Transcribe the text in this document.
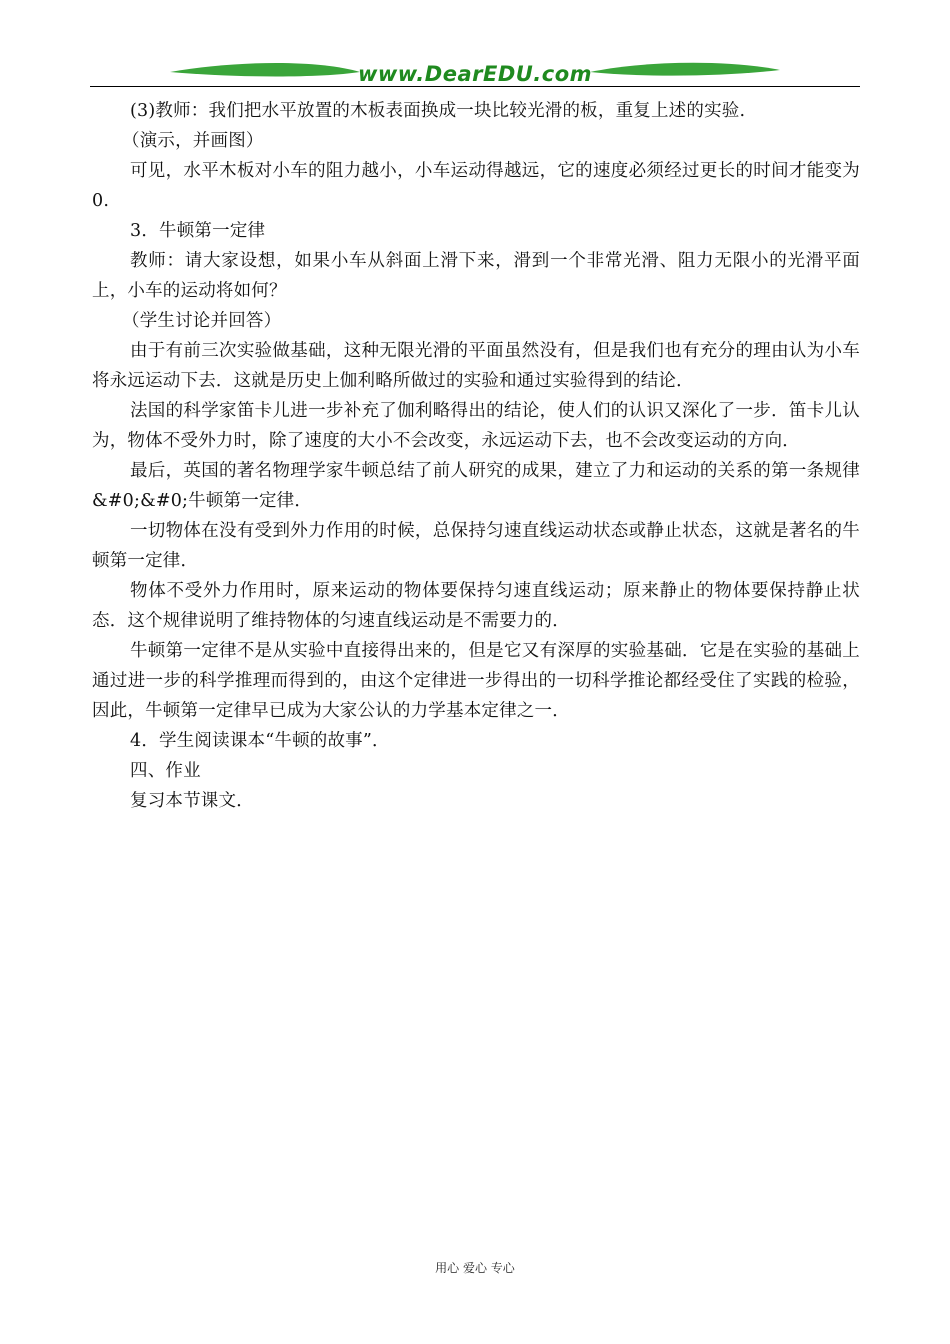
www.DearEDU.com

(3)教师：我们把水平放置的木板表面换成一块比较光滑的板，重复上述的实验.

（演示，并画图）

可见，水平木板对小车的阻力越小，小车运动得越远，它的速度必须经过更长的时间才能变为0.

3．牛顿第一定律

教师：请大家设想，如果小车从斜面上滑下来，滑到一个非常光滑、阻力无限小的光滑平面上，小车的运动将如何？

（学生讨论并回答）

由于有前三次实验做基础，这种无限光滑的平面虽然没有，但是我们也有充分的理由认为小车将永远运动下去．这就是历史上伽利略所做过的实验和通过实验得到的结论．

法国的科学家笛卡儿进一步补充了伽利略得出的结论，使人们的认识又深化了一步．笛卡儿认为，物体不受外力时，除了速度的大小不会改变，永远运动下去，也不会改变运动的方向．

最后，英国的著名物理学家牛顿总结了前人研究的成果，建立了力和运动的关系的第一条规律&#0;&#0;牛顿第一定律．

一切物体在没有受到外力作用的时候，总保持匀速直线运动状态或静止状态，这就是著名的牛顿第一定律．

物体不受外力作用时，原来运动的物体要保持匀速直线运动；原来静止的物体要保持静止状态．这个规律说明了维持物体的匀速直线运动是不需要力的．

牛顿第一定律不是从实验中直接得出来的，但是它又有深厚的实验基础．它是在实验的基础上通过进一步的科学推理而得到的，由这个定律进一步得出的一切科学推论都经受住了实践的检验，因此，牛顿第一定律早已成为大家公认的力学基本定律之一．

4．学生阅读课本“牛顿的故事”．

四、作业

复习本节课文．

用心 爱心 专心
